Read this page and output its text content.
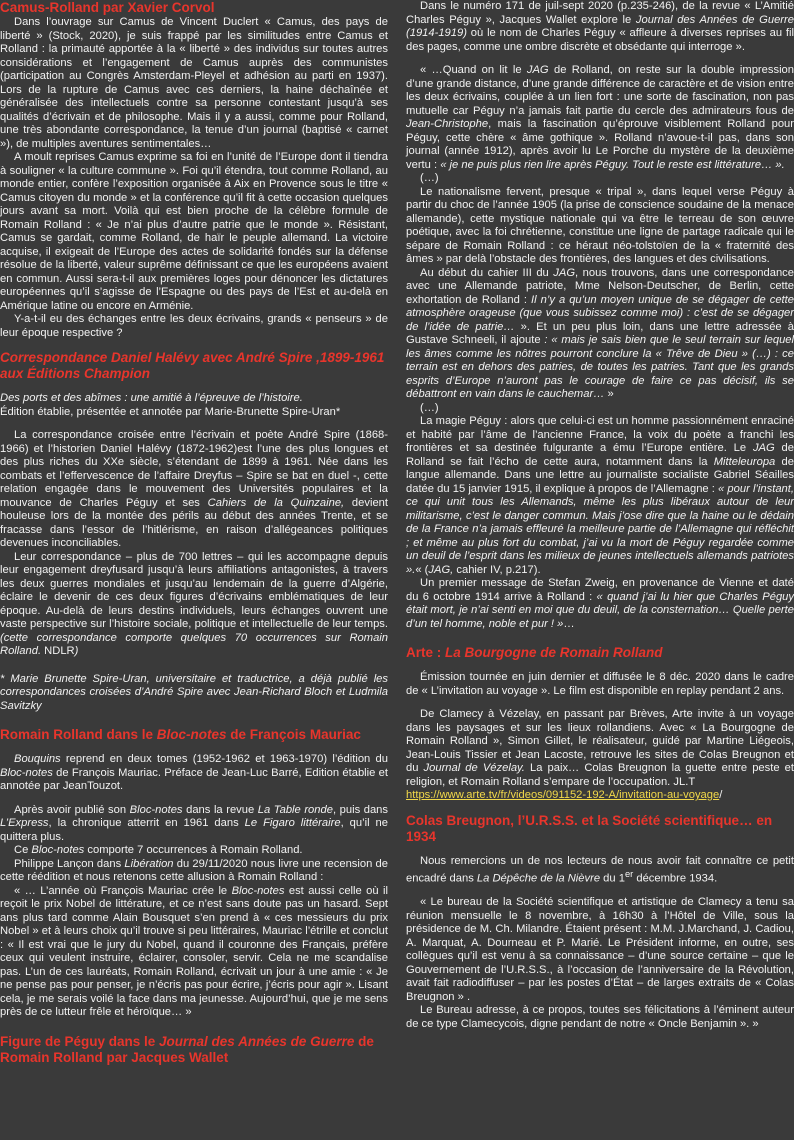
Camus-Rolland par Xavier Corvol

Dans l’ouvrage sur Camus de Vincent Duclert « Camus, des pays de liberté » (Stock, 2020), je suis frappé par les similitudes entre Camus et Rolland : la primauté apportée à la « liberté » des individus sur toutes autres considérations et l’engagement de Camus auprès des communistes (participation au Congrès Amsterdam-Pleyel et adhésion au parti en 1937). Lors de la rupture de Camus avec ces derniers, la haine déchaînée et généralisée des intellectuels contre sa personne contestant jusqu’à ses qualités d’écrivain et de philosophe. Mais il y a aussi, comme pour Rolland, une très abondante correspondance, la tenue d’un journal (baptisé « carnet »), de multiples aventures sentimentales…

A moult reprises Camus exprime sa foi en l’unité de l’Europe dont il tiendra à souligner « la culture commune ». Foi qu’il étendra, tout comme Rolland, au monde entier, confère l’exposition organisée à Aix en Provence sous le titre « Camus citoyen du monde » et la conférence qu’il fit à cette occasion quelques jours avant sa mort. Voilà qui est bien proche de la célèbre formule de Romain Rolland : « Je n’ai plus d’autre patrie que le monde ». Résistant, Camus se gardait, comme Rolland, de haïr le peuple allemand. La victoire acquise, il exigeait de l’Europe des actes de solidarité fondés sur la défense résolue de la liberté, valeur suprême définissant ce que les européens avaient en commun. Aussi sera-t-il aux premières loges pour dénoncer les dictatures européennes qu’il s’agisse de l’Espagne ou des pays de l’Est et au-delà en Amérique latine ou encore en Arménie.

Y-a-t-il eu des échanges entre les deux écrivains, grands « penseurs » de leur époque respective ?

Correspondance Daniel Halévy avec André Spire ,1899-1961
aux Éditions Champion

Des ports et des abîmes : une amitié à l’épreuve de l’histoire.

Édition établie, présentée et annotée par Marie-Brunette Spire-Uran*

La correspondance croisée entre l’écrivain et poète André Spire (1868-1966) et l’historien Daniel Halévy (1872-1962)est l’une des plus longues et des plus riches du XXe siècle, s’étendant de 1899 à 1961. Née dans les combats et l’effervescence de l’affaire Dreyfus – Spire se bat en duel -, cette relation engagée dans le mouvement des Universités populaires et la mouvance de Charles Péguy et ses Cahiers de la Quinzaine, devient houleuse lors de la montée des périls au début des années Trente, et se fracasse dans l’essor de l’hitlérisme, en raison d’allégeances politiques devenues inconciliables.

Leur correspondance – plus de 700 lettres – qui les accompagne depuis leur engagement dreyfusard jusqu’à leurs affiliations antagonistes, à travers les deux guerres mondiales et jusqu’au lendemain de la guerre d’Algérie, éclaire le devenir de ces deux figures d’écrivains emblématiques de leur époque. Au-delà de leurs destins individuels, leurs échanges ouvrent une vaste perspective sur l’histoire sociale, politique et intellectuelle de leur temps. (cette correspondance comporte quelques 70 occurrences sur Romain Rolland. NDLR)

* Marie Brunette Spire-Uran, universitaire et traductrice, a déjà publié les correspondances croisées d’André Spire avec Jean-Richard Bloch et Ludmila Savitzky

Romain Rolland dans le Bloc-notes de François Mauriac

Bouquins reprend en deux tomes (1952-1962 et 1963-1970) l’édition du Bloc-notes de François Mauriac. Préface de Jean-Luc Barré, Edition établie et annotée par JeanTouzot.

Après avoir publié son Bloc-notes dans la revue La Table ronde, puis dans L’Express, la chronique atterrit en 1961 dans Le Figaro littéraire, qu’il ne quittera plus.

Ce Bloc-notes comporte 7 occurrences à Romain Rolland.

Philippe Lançon dans Libération du 29/11/2020 nous livre une recension de cette réédition et nous retenons cette allusion à Romain Rolland :

« … L’année où François Mauriac crée le Bloc-notes est aussi celle où il reçoit le prix Nobel de littérature, et ce n’est sans doute pas un hasard. Sept ans plus tard comme Alain Bousquet s’en prend à « ces messieurs du prix Nobel » et à leurs choix qu’il trouve si peu littéraires, Mauriac l’étrille et conclut : « Il est vrai que le jury du Nobel, quand il couronne des Français, préfère ceux qui veulent instruire, éclairer, consoler, servir. Cela ne me scandalise pas. L’un de ces lauréats, Romain Rolland, écrivait un jour à une amie : « Je ne pense pas pour penser, je n’écris pas pour écrire, j’écris pour agir ». Lisant cela, je me serais voilé la face dans ma jeunesse. Aujourd’hui, que je me sens près de ce lutteur frêle et héroïque… »

Figure de Péguy dans le Journal des Années de Guerre de Romain Rolland par Jacques Wallet

Dans le numéro 171 de juil-sept 2020 (p.235-246), de la revue « L’Amitié Charles Péguy », Jacques Wallet explore le Journal des Années de Guerre (1914-1919) où le nom de Charles Péguy « affleure à diverses reprises au fil des pages, comme une ombre discrète et obsédante qui interroge ».

« …Quand on lit le JAG de Rolland, on reste sur la double impression d’une grande distance, d’une grande différence de caractère et de vision entre les deux écrivains, couplée à un lien fort : une sorte de fascination, non pas mutuelle car Péguy n’a jamais fait partie du cercle des admirateurs fous de Jean-Christophe, mais la fascination qu’éprouve visiblement Rolland pour Péguy, cette chère « âme gothique ». Rolland n’avoue-t-il pas, dans son journal (année 1912), après avoir lu Le Porche du mystère de la deuxième vertu : « je ne puis plus rien lire après Péguy. Tout le reste est littérature… ».

(…)

Le nationalisme fervent, presque « tripal », dans lequel verse Péguy à partir du choc de l’année 1905 (la prise de conscience soudaine de la menace allemande), cette mystique nationale qui va être le terreau de son œuvre poétique, avec la foi chrétienne, constitue une ligne de partage radicale qui le sépare de Romain Rolland : ce héraut néo-tolstoïen de la « fraternité des âmes » par delà l’obstacle des frontières, des langues et des civilisations.

Au début du cahier III du JAG, nous trouvons, dans une correspondance avec une Allemande patriote, Mme Nelson-Deutscher, de Berlin, cette exhortation de Rolland : Il n’y a qu’un moyen unique de se dégager de cette atmosphère orageuse (que vous subissez comme moi) : c’est de se dégager de l’idée de patrie… ». Et un peu plus loin, dans une lettre adressée à Gustave Schneeli, il ajoute : « mais je sais bien que le seul terrain sur lequel les âmes comme les nôtres pourront conclure la « Trêve de Dieu » (…) : ce terrain est en dehors des patries, de toutes les patries. Tant que les grands esprits d’Europe n’auront pas le courage de faire ce pas décisif, ils se débattront en vain dans le cauchemar… »

(…)

La magie Péguy : alors que celui-ci est un homme passionnément enraciné et habité par l’âme de l’ancienne France, la voix du poète a franchi les frontières et sa destinée fulgurante a ému l’Europe entière. Le JAG de Rolland se fait l’écho de cette aura, notamment dans la Mitteleuropa de langue allemande. Dans une lettre au journaliste socialiste Gabriel Séailles datée du 15 janvier 1915, il explique à propos de l’Allemagne : « pour l’instant, ce qui unit tous les Allemands, même les plus libéraux autour de leur militarisme, c’est le danger commun. Mais j’ose dire que la haine ou le dédain de la France n’a jamais effleuré la meilleure partie de l’Allemagne qui réfléchit ; et même au plus fort du combat, j’ai vu la mort de Péguy regardée comme un deuil de l’esprit dans les milieux de jeunes intellectuels allemands patriotes ».« (JAG, cahier IV, p.217).

Un premier message de Stefan Zweig, en provenance de Vienne et daté du 6 octobre 1914 arrive à Rolland : « quand j’ai lu hier que Charles Péguy était mort, je n’ai senti en moi que du deuil, de la consternation… Quelle perte d’un tel homme, noble et pur ! »…

Arte : La Bourgogne de Romain Rolland

Émission tournée en juin dernier et diffusée le 8 déc. 2020 dans le cadre de « L’invitation au voyage ». Le film est disponible en replay pendant 2 ans.

De Clamecy à Vézelay, en passant par Brèves, Arte invite à un voyage dans les paysages et sur les lieux rollandiens. Avec « La Bourgogne de Romain Rolland », Simon Gillet, le réalisateur, guidé par Martine Liégeois, Jean-Louis Tissier et Jean Lacoste, retrouve les sites de Colas Breugnon et du Journal de Vézelay. La paix… Colas Breugnon la guette entre peste et religion, et Romain Rolland s’empare de l’occupation. JL.T

https://www.arte.tv/fr/videos/091152-192-A/invitation-au-voyage/

Colas Breugnon, l’U.R.S.S. et la Société scientifique… en 1934

Nous remercions un de nos lecteurs de nous avoir fait connaître ce petit encadré dans La Dépêche de la Nièvre du 1er décembre 1934.

« Le bureau de la Société scientifique et artistique de Clamecy a tenu sa réunion mensuelle le 8 novembre, à 16h30 à l’Hôtel de Ville, sous la présidence de M. Ch. Milandre. Étaient présent : M.M. J.Marchand, J. Cadiou, A. Marquat, A. Dourneau et P. Marié. Le Président informe, en outre, ses collègues qu’il est venu à sa connaissance – d’une source certaine – que le Gouvernement de l’U.R.S.S., à l’occasion de l’anniversaire de la Révolution, avait fait radiodiffuser – par les postes d’État – de larges extraits de « Colas Breugnon » .

Le Bureau adresse, à ce propos, toutes ses félicitations à l’éminent auteur de ce type Clamecycois, digne pendant de notre « Oncle Benjamin ». »
